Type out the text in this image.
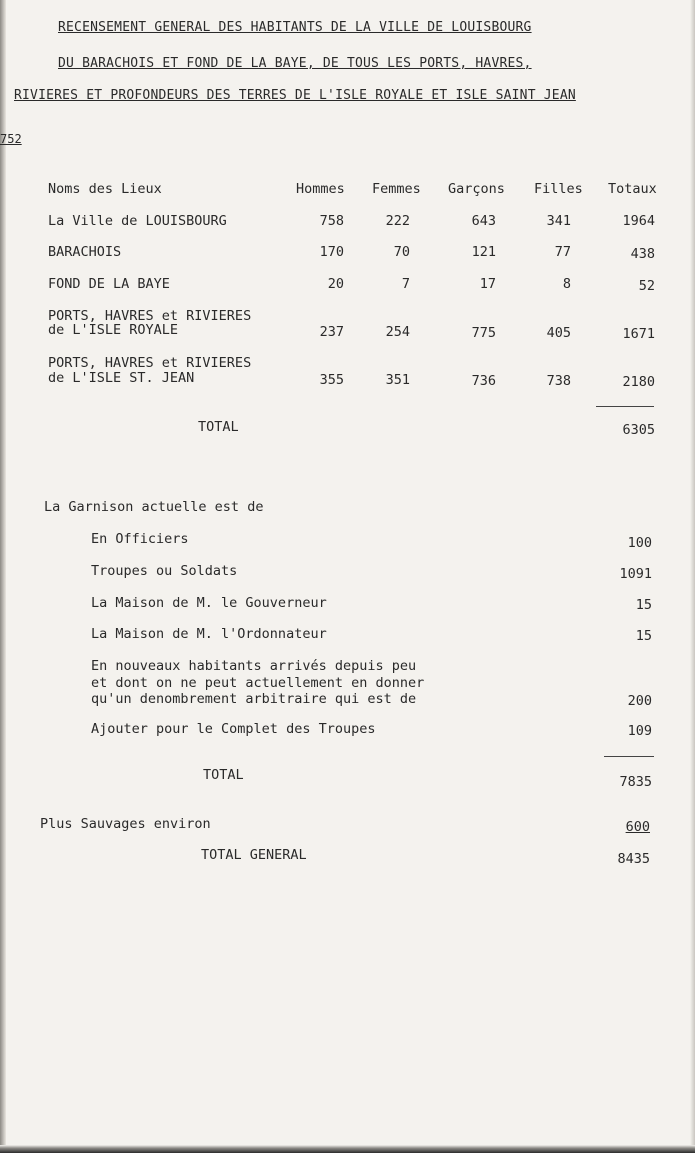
RECENSEMENT GENERAL DES HABITANTS DE LA VILLE DE LOUISBOURG
DU BARACHOIS ET FOND DE LA BAYE, DE TOUS LES PORTS, HAVRES,
RIVIERES ET PROFONDEURS DES TERRES DE L'ISLE ROYALE ET ISLE SAINT JEAN
752
Noms des Lieux	Hommes Femmes Garçons Filles Totaux
La Ville de LOUISBOURG	758	222	643	341	1964
BARACHOIS	170	70	121	77	438
FOND DE LA BAYE	20	7	17	8	52
PORTS, HAVRES et RIVIERES
de L'ISLE ROYALE	237	254	775	405	1671
PORTS, HAVRES et RIVIERES
de L'ISLE ST. JEAN	355	351	736	738	2180
TOTAL	6305
La Garnison actuelle est de
En Officiers	100
Troupes ou Soldats	1091
La Maison de M. le Gouverneur	15
La Maison de M. l'Ordonnateur	15
En nouveaux habitants arrivés depuis peu
et dont on ne peut actuellement en donner
qu'un denombrement arbitraire qui est de	200
Ajouter pour le Complet des Troupes	109
TOTAL	7835
Plus Sauvages environ	600
TOTAL GENERAL	8435
